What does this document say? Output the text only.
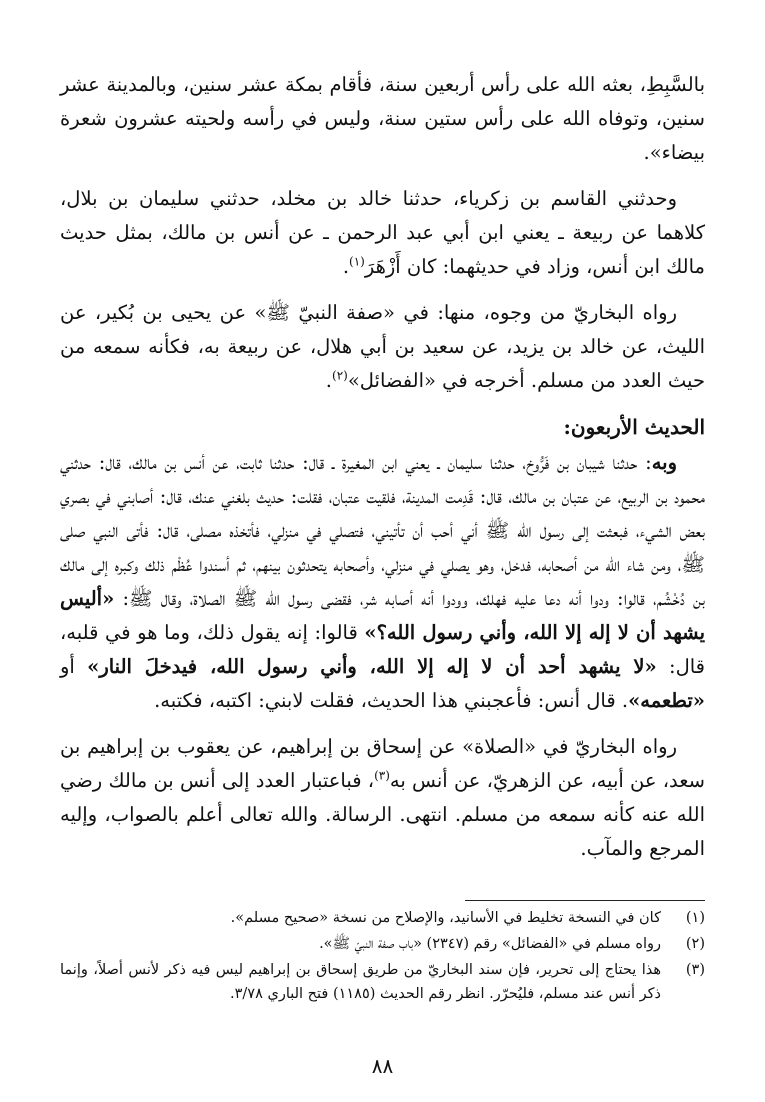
بالسَّبِطِ، بعثه الله على رأس أربعين سنة، فأقام بمكة عشر سنين، وبالمدينة عشر سنين، وتوفاه الله على رأس ستين سنة، وليس في رأسه ولحيته عشرون شعرة بيضاء».

وحدثني القاسم بن زكرياء، حدثنا خالد بن مخلد، حدثني سليمان بن بلال، كلاهما عن ربيعة ـ يعني ابن أبي عبد الرحمن ـ عن أنس بن مالك، بمثل حديث مالك ابن أنس، وزاد في حديثهما: كان أَزْهَرَ$^{(١)}$.

رواه البخاريّ من وجوه، منها: في «صفة النبيّ ﷺ» عن يحيى بن بُكير، عن الليث، عن خالد بن يزيد، عن سعيد بن أبي هلال، عن ربيعة به، فكأنه سمعه من حيث العدد من مسلم. أخرجه في «الفضائل»$^{(٢)}$.

الحديث الأربعون:

وبه: حدثنا شيبان بن فَرُّوخ، حدثنا سليمان ـ يعني ابن المغيرة ـ قال: حدثنا ثابت، عن أنس بن مالك، قال: حدثني محمود بن الربيع، عن عتبان بن مالك، قال: قَدِمت المدينة، فلقيت عتبان، فقلت: حديث بلغني عنك، قال: أصابني في بصري بعض الشيء، فبعثت إلى رسول الله ﷺ أني أحب أن تأتيني، فتصلي في منزلي، فأتخذه مصلى، قال: فأتى النبي صلى ﷺ، ومن شاء الله من أصحابه، فدخل، وهو يصلي في منزلي، وأصحابه يتحدثون بينهم، ثم أسندوا عُظْم ذلك وكبره إلى مالك بن دُخْشُم، قالوا: ودوا أنه دعا عليه فهلك، وودوا أنه أصابه شر، فقضى رسول الله ﷺ الصلاة، وقال ﷺ: «أليس يشهد أن لا إله إلا الله، وأني رسول الله؟» قالوا: إنه يقول ذلك، وما هو في قلبه، قال: «لا يشهد أحد أن لا إله إلا الله، وأني رسول الله، فيدخلَ النار» أو «تطعمه». قال أنس: فأعجبني هذا الحديث، فقلت لابني: اكتبه، فكتبه.

رواه البخاريّ في «الصلاة» عن إسحاق بن إبراهيم، عن يعقوب بن إبراهيم بن سعد، عن أبيه، عن الزهريّ، عن أنس به$^{(٣)}$، فباعتبار العدد إلى أنس بن مالك رضي الله عنه كأنه سمعه من مسلم. انتهى. الرسالة. والله تعالى أعلم بالصواب، وإليه المرجع والمآب.

(١)
كان في النسخة تخليط في الأسانيد، والإصلاح من نسخة «صحيح مسلم».
(٢)
رواه مسلم في «الفضائل» رقم (٢٣٤٧) «باب صفة النبيّ ﷺ».
(٣)
هذا يحتاج إلى تحرير، فإن سند البخاريّ من طريق إسحاق بن إبراهيم ليس فيه ذكر لأنس أصلاً، وإنما ذكر أنس عند مسلم، فليُحرّر. انظر رقم الحديث (١١٨٥) فتح الباري ٣/٧٨.
٨٨
